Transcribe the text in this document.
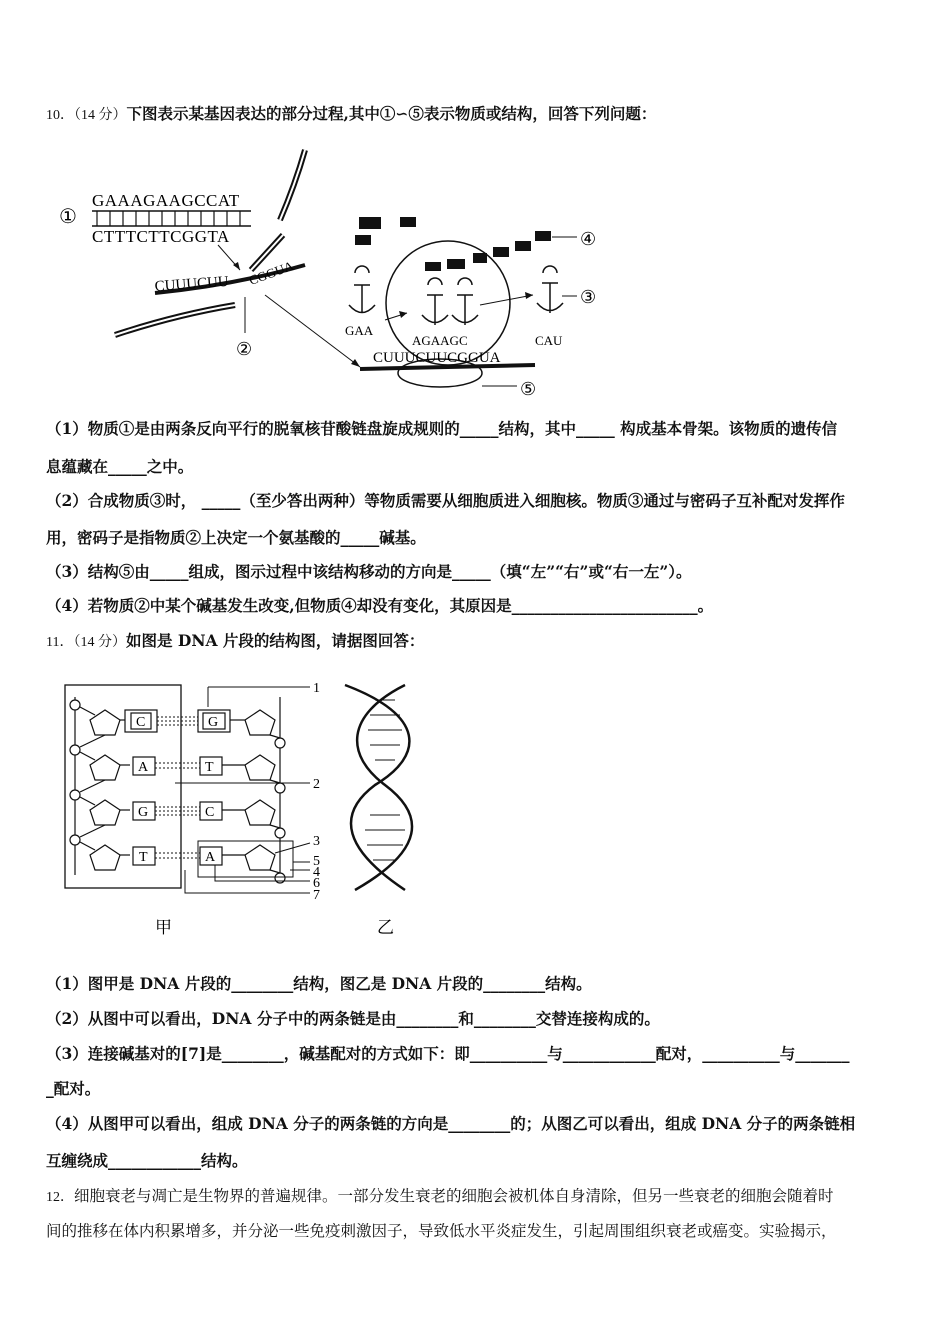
10．（14 分）下图表示某基因表达的部分过程,其中①∽⑤表示物质或结构，回答下列问题：
①
GAAAGAAGCCAT
CTTTCTTCGGTA
CUUUCUU CGGUA
②	CUUUCUUCGGUA
④
③
GAA
AGAAGC	CAU
⑤
（1）物质①是由两条反向平行的脱氧核苷酸链盘旋成规则的_____结构，其中_____ 构成基本骨架。该物质的遗传信
息蕴藏在_____之中。
（2）合成物质③时， _____（至少答出两种）等物质需要从细胞质进入细胞核。物质③通过与密码子互补配对发挥作
用，密码子是指物质②上决定一个氨基酸的_____碱基。
（3）结构⑤由_____组成，图示过程中该结构移动的方向是_____（填“左”“右”或“右一左”）。
（4）若物质②中某个碱基发生改变,但物质④却没有变化，其原因是________________________。
11．（14 分）如图是 DNA 片段的结构图，请据图回答：
C
A
G
T
G
T
C
A
1
2
3
5
4
6
7
甲	乙
（1）图甲是 DNA 片段的________结构，图乙是 DNA 片段的________结构。
（2）从图中可以看出，DNA 分子中的两条链是由________和________交替连接构成的。
（3）连接碱基对的[7]是________，碱基配对的方式如下：即__________与____________配对，__________与_______
_配对。
（4）从图甲可以看出，组成 DNA 分子的两条链的方向是________的；从图乙可以看出，组成 DNA 分子的两条链相
互缠绕成____________结构。
12．细胞衰老与凋亡是生物界的普遍规律。一部分发生衰老的细胞会被机体自身清除，但另一些衰老的细胞会随着时
间的推移在体内积累增多，并分泌一些免疫刺激因子，导致低水平炎症发生，引起周围组织衰老或癌变。实验揭示，
